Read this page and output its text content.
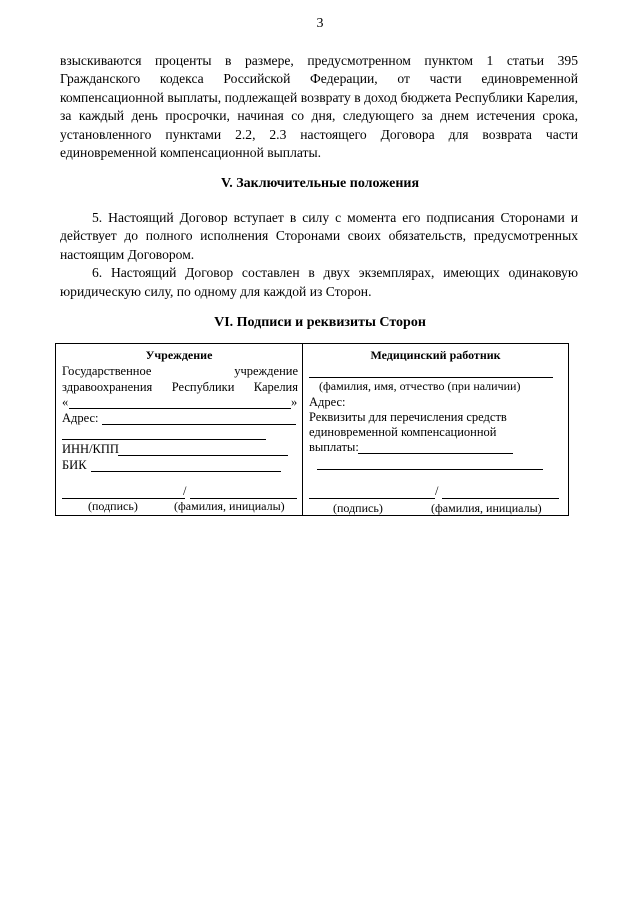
3
взыскиваются проценты в размере, предусмотренном пунктом 1 статьи 395 Гражданского кодекса Российской Федерации, от части единовременной компенсационной выплаты, подлежащей возврату в доход бюджета Республики Карелия, за каждый день просрочки, начиная со дня, следующего за днем истечения срока, установленного пунктами 2.2, 2.3 настоящего Договора для возврата части единовременной компенсационной выплаты.
V. Заключительные положения

5. Настоящий Договор вступает в силу с момента его подписания Сторонами и действует до полного исполнения Сторонами своих обязательств, предусмотренных настоящим Договором.

6. Настоящий Договор составлен в двух экземплярах, имеющих одинаковую юридическую силу, по одному для каждой из Сторон.

VI. Подписи и реквизиты Сторон
Учреждение
Государственное	учреждение
здравоохранения Республики Карелия
«	»
Адрес:
ИНН/КПП
БИК
/
(подпись)	(фамилия, инициалы)
Медицинский работник
(фамилия, имя, отчество (при наличии)
Адрес:
Реквизиты для перечисления средств
единовременной компенсационной
выплаты:
/
(подпись)	(фамилия, инициалы)
